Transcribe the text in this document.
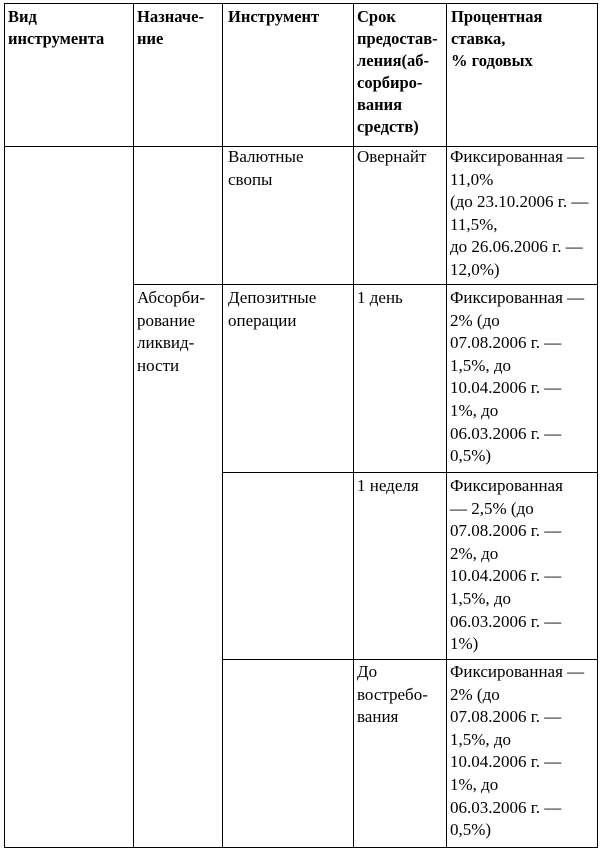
Вид
инструмента
Назначе-
ние
Инструмент Срок
предостав-
ления(аб-
сорбиро-
вания
средств)
Процентная
ставка,
% годовых
Валютные
свопы
Овернайт Фиксированная —
11,0%
(до 23.10.2006 г. —
11,5%,
до 26.06.2006 г. —
12,0%)
Абсорби-
рование
ликвид-
ности
Депозитные
операции
1 день	Фиксированная —
2% (до
07.08.2006 г. —
1,5%, до
10.04.2006 г. —
1%, до
06.03.2006 г. —
0,5%)
1 неделя Фиксированная
— 2,5% (до
07.08.2006 г. —
2%, до
10.04.2006 г. —
1,5%, до
06.03.2006 г. —
1%)
До
востребо-
вания
Фиксированная —
2% (до
07.08.2006 г. —
1,5%, до
10.04.2006 г. —
1%, до
06.03.2006 г. —
0,5%)
